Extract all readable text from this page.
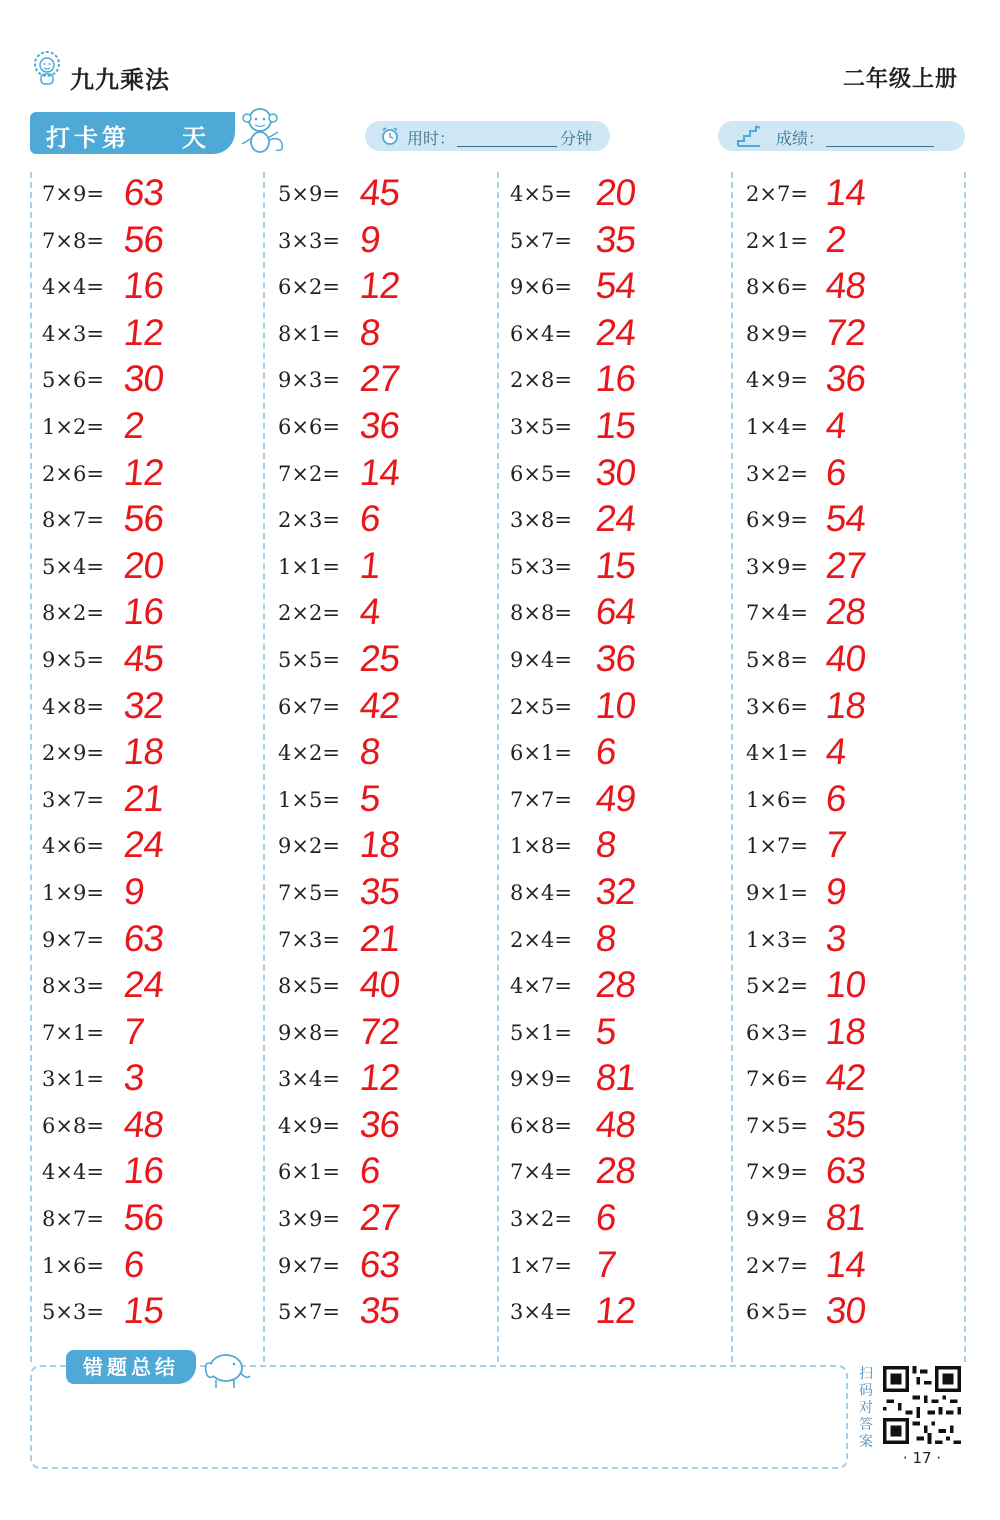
九九乘法	二年级上册
打卡第 天	用时：	分钟	成绩：
7×9= 63
7×8= 56
4×4= 16
4×3= 12
5×6= 30
1×2= 2
2×6= 12
8×7= 56
5×4= 20
8×2= 16
9×5= 45
4×8= 32
2×9= 18
3×7= 21
4×6= 24
1×9= 9
9×7= 63
8×3= 24
7×1= 7
3×1= 3
6×8= 48
4×4= 16
8×7= 56
1×6= 6
5×3= 15
5×9= 45
3×3= 9
6×2= 12
8×1= 8
9×3= 27
6×6= 36
7×2= 14
2×3= 6
1×1= 1
2×2= 4
5×5= 25
6×7= 42
4×2= 8
1×5= 5
9×2= 18
7×5= 35
7×3= 21
8×5= 40
9×8= 72
3×4= 12
4×9= 36
6×1= 6
3×9= 27
9×7= 63
5×7= 35
4×5= 20
5×7= 35
9×6= 54
6×4= 24
2×8= 16
3×5= 15
6×5= 30
3×8= 24
5×3= 15
8×8= 64
9×4= 36
2×5= 10
6×1= 6
7×7= 49
1×8= 8
8×4= 32
2×4= 8
4×7= 28
5×1= 5
9×9= 81
6×8= 48
7×4= 28
3×2= 6
1×7= 7
3×4= 12
2×7= 14
2×1= 2
8×6= 48
8×9= 72
4×9= 36
1×4= 4
3×2= 6
6×9= 54
3×9= 27
7×4= 28
5×8= 40
3×6= 18
4×1= 4
1×6= 6
1×7= 7
9×1= 9
1×3= 3
5×2= 10
6×3= 18
7×6= 42
7×5= 35
7×9= 63
9×9= 81
2×7= 14
6×5= 30
错题总结	扫码对答案
· 17 ·
